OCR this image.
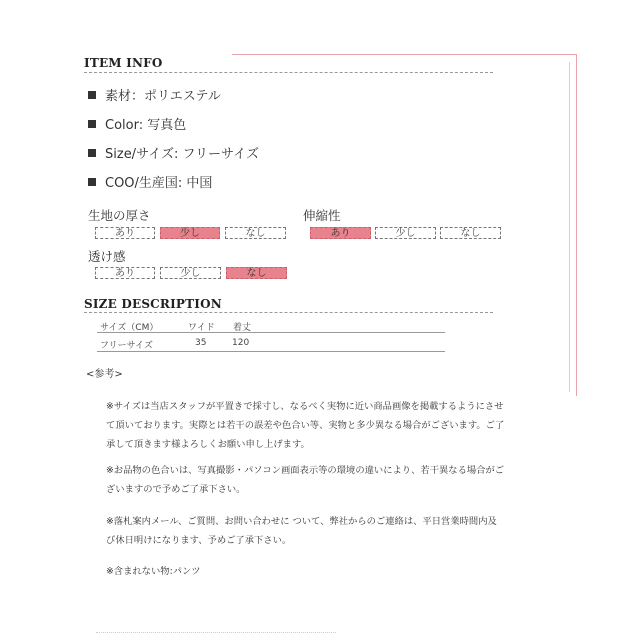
ITEM INFO
素材：ポリエステル
Color: 写真色
Size/サイズ: フリーサイズ
COO/生産国: 中国
生地の厚さ
あり	少し	なし
伸縮性
あり	少し	なし
透け感
あり	少し	なし
SIZE DESCRIPTION
サイズ（CM）	ワイド 着丈
フリーサイズ	35	120
<参考>
※サイズは当店スタッフが平置きで採寸し、なるべく実物に近い商品画像を掲載するようにさせて頂いております。実際とは若干の誤差や色合い等、実物と多少異なる場合がございます。ご了承して頂きます様よろしくお願い申し上げます。
※お品物の色合いは、写真撮影・パソコン画面表示等の環境の違いにより、若干異なる場合がございますので予めご了承下さい。
※落札案内メール、ご質問、お問い合わせに ついて、弊社からのご連絡は、平日営業時間内及び休日明けになります、予めご了承下さい。
※含まれない物:パンツ
